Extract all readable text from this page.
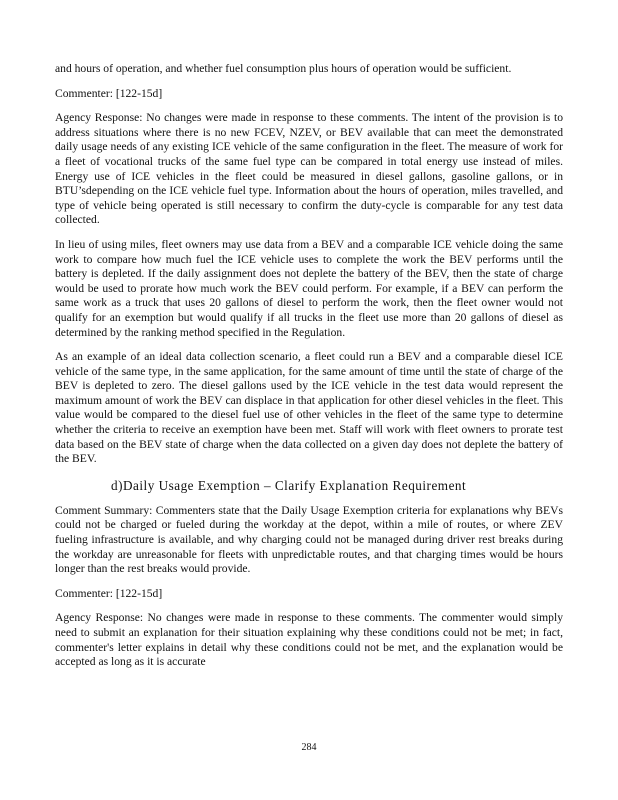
and hours of operation, and whether fuel consumption plus hours of operation would be sufficient.

Commenter: [122-15d]

Agency Response: No changes were made in response to these comments. The intent of the provision is to address situations where there is no new FCEV, NZEV, or BEV available that can meet the demonstrated daily usage needs of any existing ICE vehicle of the same configuration in the fleet. The measure of work for a fleet of vocational trucks of the same fuel type can be compared in total energy use instead of miles. Energy use of ICE vehicles in the fleet could be measured in diesel gallons, gasoline gallons, or in BTU’sdepending on the ICE vehicle fuel type. Information about the hours of operation, miles travelled, and type of vehicle being operated is still necessary to confirm the duty-cycle is comparable for any test data collected.

In lieu of using miles, fleet owners may use data from a BEV and a comparable ICE vehicle doing the same work to compare how much fuel the ICE vehicle uses to complete the work the BEV performs until the battery is depleted. If the daily assignment does not deplete the battery of the BEV, then the state of charge would be used to prorate how much work the BEV could perform. For example, if a BEV can perform the same work as a truck that uses 20 gallons of diesel to perform the work, then the fleet owner would not qualify for an exemption but would qualify if all trucks in the fleet use more than 20 gallons of diesel as determined by the ranking method specified in the Regulation.

As an example of an ideal data collection scenario, a fleet could run a BEV and a comparable diesel ICE vehicle of the same type, in the same application, for the same amount of time until the state of charge of the BEV is depleted to zero. The diesel gallons used by the ICE vehicle in the test data would represent the maximum amount of work the BEV can displace in that application for other diesel vehicles in the fleet. This value would be compared to the diesel fuel use of other vehicles in the fleet of the same type to determine whether the criteria to receive an exemption have been met. Staff will work with fleet owners to prorate test data based on the BEV state of charge when the data collected on a given day does not deplete the battery of the BEV.

d)Daily Usage Exemption – Clarify Explanation Requirement

Comment Summary: Commenters state that the Daily Usage Exemption criteria for explanations why BEVs could not be charged or fueled during the workday at the depot, within a mile of routes, or where ZEV fueling infrastructure is available, and why charging could not be managed during driver rest breaks during the workday are unreasonable for fleets with unpredictable routes, and that charging times would be hours longer than the rest breaks would provide.

Commenter: [122-15d]

Agency Response: No changes were made in response to these comments. The commenter would simply need to submit an explanation for their situation explaining why these conditions could not be met; in fact, commenter's letter explains in detail why these conditions could not be met, and the explanation would be accepted as long as it is accurate

284
